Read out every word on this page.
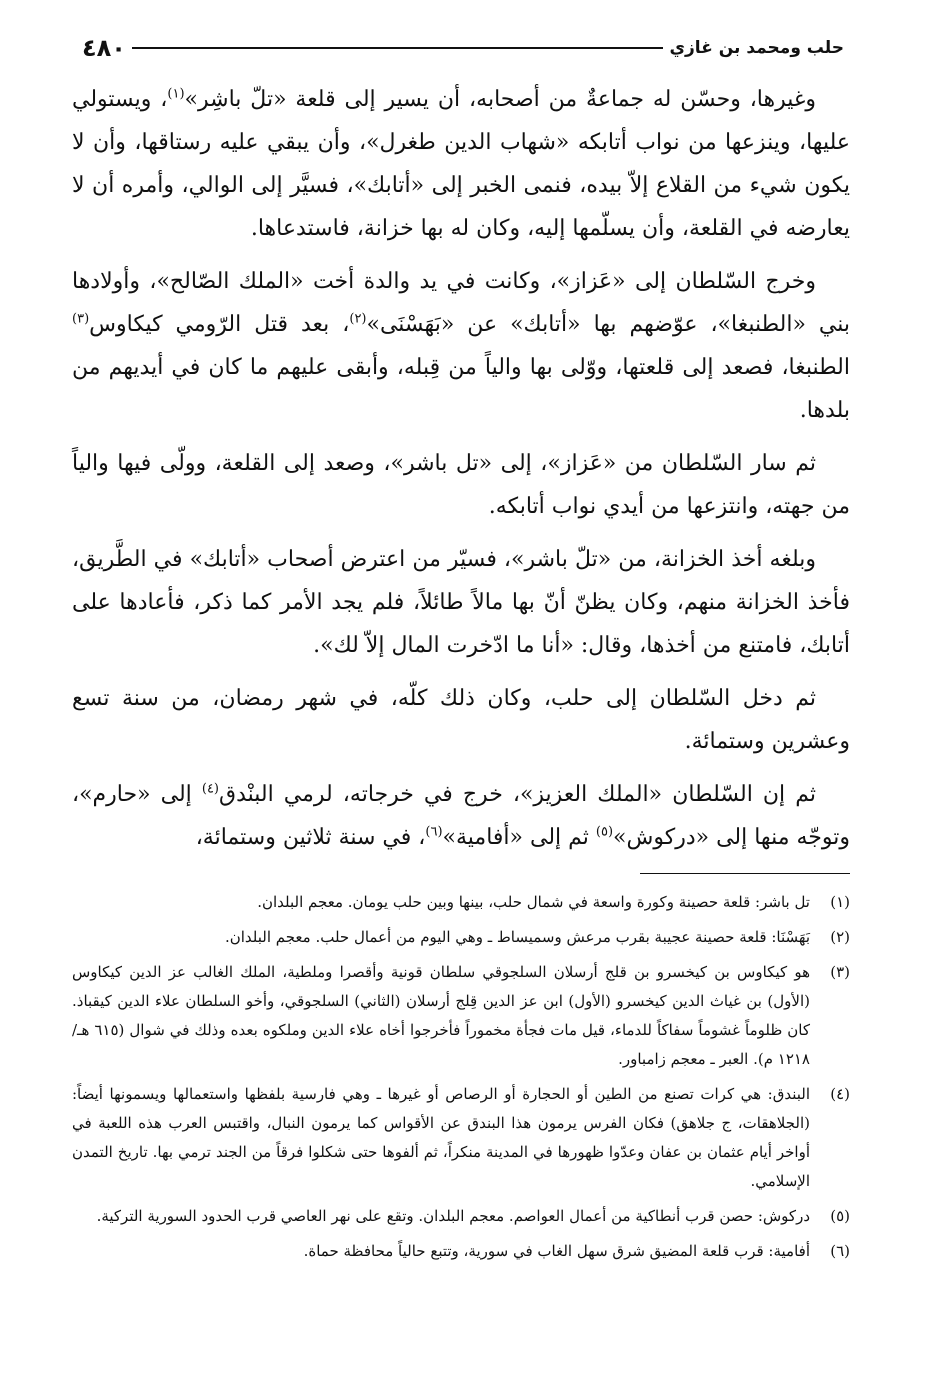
حلب ومحمد بن غازي
٤٨٠

وغيرها، وحسّن له جماعةٌ من أصحابه، أن يسير إلى قلعة «تلّ باشِر»$^{(١)}$، ويستولي عليها، وينزعها من نواب أتابكه «شهاب الدين طغرل»، وأن يبقي عليه رستاقها، وأن لا يكون شيء من القلاع إلاّ بيده، فنمى الخبر إلى «أتابك»، فسيَّر إلى الوالي، وأمره أن لا يعارضه في القلعة، وأن يسلّمها إليه، وكان له بها خزانة، فاستدعاها.

وخرج السّلطان إلى «عَزاز»، وكانت في يد والدة أخت «الملك الصّالح»، وأولادها بني «الطنبغا»، عوّضهم بها «أتابك» عن «بَهَسْنَى»$^{(٢)}$، بعد قتل الرّومي كيكاوس$^{(٣)}$ الطنبغا، فصعد إلى قلعتها، ووّلى بها والياً من قِبله، وأبقى عليهم ما كان في أيديهم من بلدها.

ثم سار السّلطان من «عَزاز»، إلى «تل باشر»، وصعد إلى القلعة، وولّى فيها والياً من جهته، وانتزعها من أيدي نواب أتابكه.

وبلغه أخذ الخزانة، من «تلّ باشر»، فسيّر من اعترض أصحاب «أتابك» في الطَّريق، فأخذ الخزانة منهم، وكان يظنّ أنّ بها مالاً طائلاً، فلم يجد الأمر كما ذكر، فأعادها على أتابك، فامتنع من أخذها، وقال: «أنا ما ادّخرت المال إلاّ لك».

ثم دخل السّلطان إلى حلب، وكان ذلك كلّه، في شهر رمضان، من سنة تسع وعشرين وستمائة.

ثم إن السّلطان «الملك العزيز»، خرج في خرجاته، لرمي البنْدق$^{(٤)}$ إلى «حارم»، وتوجّه منها إلى «دركوش»$^{(٥)}$ ثم إلى «أفامية»$^{(٦)}$، في سنة ثلاثين وستمائة،

(١)
تل باشر: قلعة حصينة وكورة واسعة في شمال حلب، بينها وبين حلب يومان. معجم البلدان.
(٢)
بَهَسْنَا: قلعة حصينة عجيبة بقرب مرعش وسميساط ـ وهي اليوم من أعمال حلب. معجم البلدان.
(٣)
هو كيكاوس بن كيخسرو بن قلج أرسلان السلجوقي سلطان قونية وأقصرا وملطية، الملك الغالب عز الدين كيكاوس (الأول) بن غياث الدين كيخسرو (الأول) ابن عز الدين قِلج أرسلان (الثاني) السلجوقي، وأخو السلطان علاء الدين كيقباذ. كان ظلوماً غشوماً سفاكاً للدماء، قيل مات فجأة مخموراً فأخرجوا أخاه علاء الدين وملكوه بعده وذلك في شوال (٦١٥ هـ/ ١٢١٨ م). العبر ـ معجم زامباور.
(٤)
البندق: هي كرات تصنع من الطين أو الحجارة أو الرصاص أو غيرها ـ وهي فارسية بلفظها واستعمالها ويسمونها أيضاً: (الجلاهقات، ج جلاهق) فكان الفرس يرمون هذا البندق عن الأقواس كما يرمون النبال، واقتبس العرب هذه اللعبة في أواخر أيام عثمان بن عفان وعدّوا ظهورها في المدينة منكراً، ثم ألفوها حتى شكلوا فرقاً من الجند ترمي بها. تاريخ التمدن الإسلامي.
(٥)
دركوش: حصن قرب أنطاكية من أعمال العواصم. معجم البلدان. وتقع على نهر العاصي قرب الحدود السورية التركية.
(٦)
أفامية: قرب قلعة المضيق شرق سهل الغاب في سورية، وتتبع حالياً محافظة حماة.
